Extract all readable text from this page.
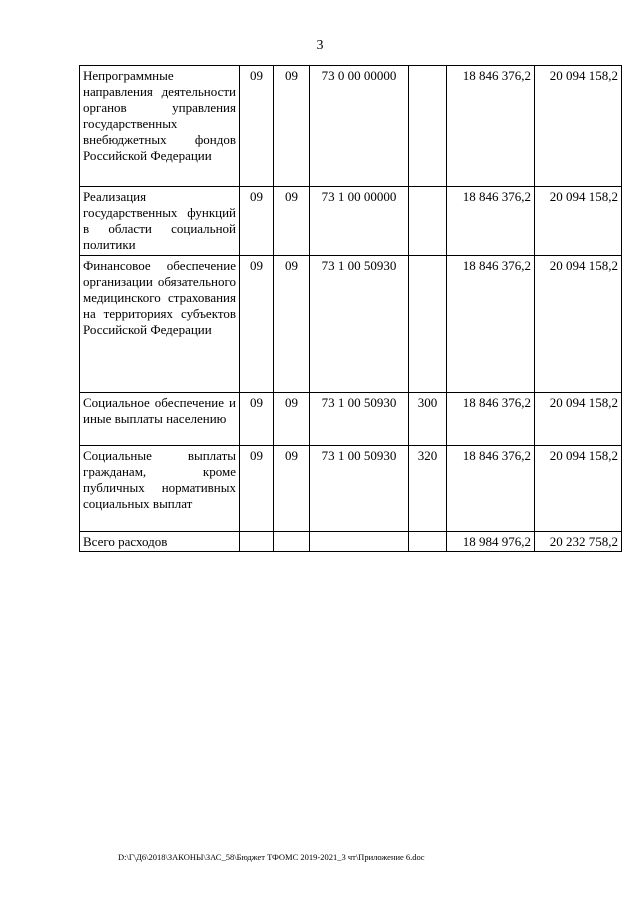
3
Непрограммные направления деятельности органов управления государственных внебюджетных фондов Российской Федерации	09	09	73 0 00 00000		18 846 376,2	20 094 158,2
Реализация государственных функций в области социальной политики	09	09	73 1 00 00000		18 846 376,2	20 094 158,2
Финансовое обеспечение организации обязательного медицинского страхования на территориях субъектов Российской Федерации	09	09	73 1 00 50930		18 846 376,2	20 094 158,2
Социальное обеспечение и иные выплаты населению	09	09	73 1 00 50930	300	18 846 376,2	20 094 158,2
Социальные выплаты гражданам, кроме публичных нормативных социальных выплат	09	09	73 1 00 50930	320	18 846 376,2	20 094 158,2
Всего расходов					18 984 976,2	20 232 758,2
D:\Г\Д6\2018\ЗАКОНЫ\ЗАС_58\Бюджет ТФОМС 2019-2021_3 чт\Приложение 6.doc
